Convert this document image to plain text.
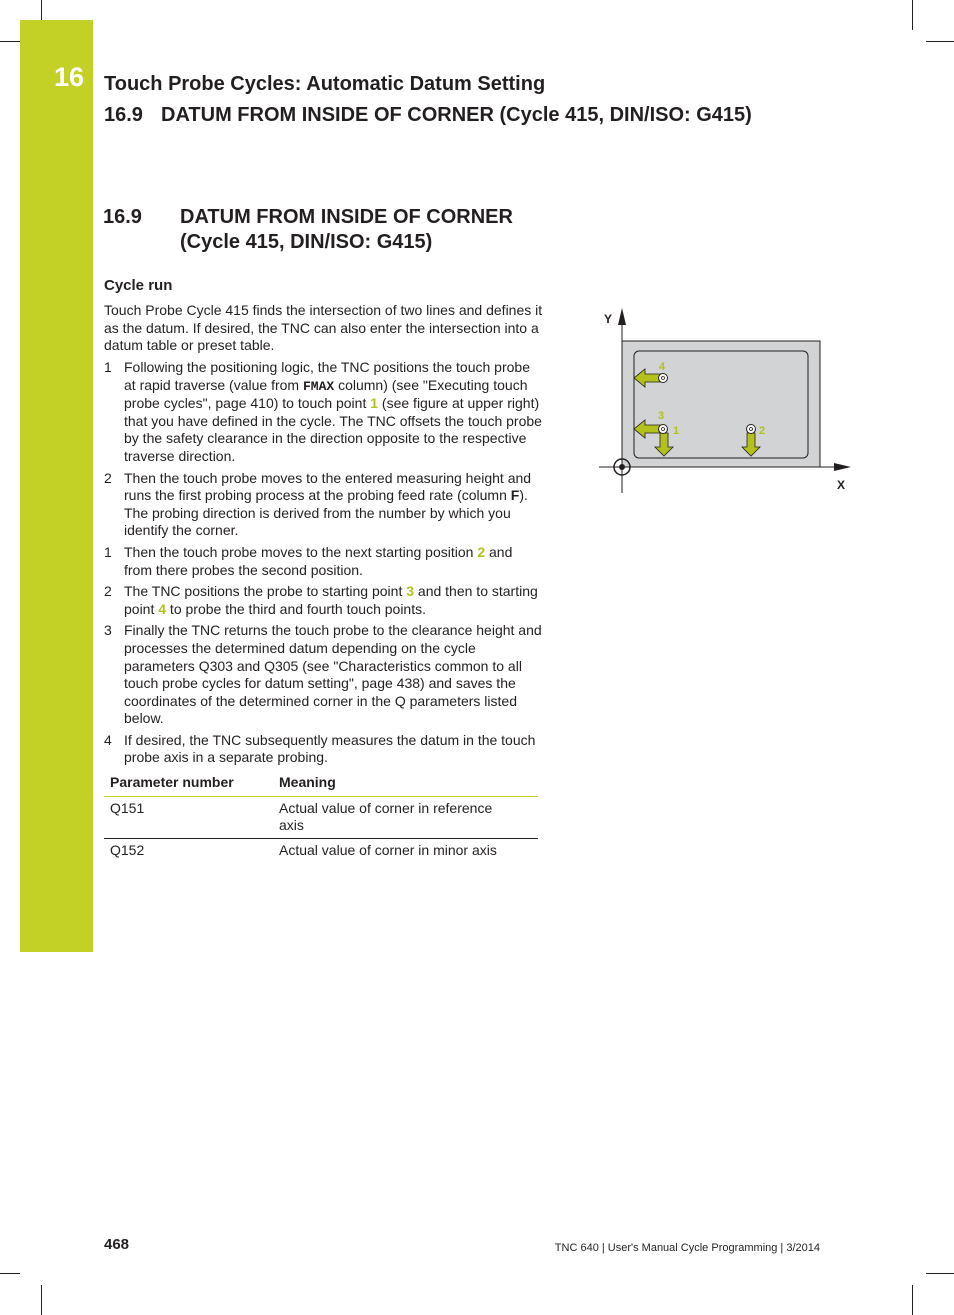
16 Touch Probe Cycles: Automatic Datum Setting
16.9 DATUM FROM INSIDE OF CORNER (Cycle 415, DIN/ISO: G415)
16.9 DATUM FROM INSIDE OF CORNER
(Cycle 415, DIN/ISO: G415)
Cycle run
Touch Probe Cycle 415 finds the intersection of two lines and defines it as the datum. If desired, the TNC can also enter the intersection into a datum table or preset table.
1 Following the positioning logic, the TNC positions the touch probe at rapid traverse (value from FMAX column) (see "Executing touch probe cycles", page 410) to touch point 1 (see figure at upper right) that you have defined in the cycle. The TNC offsets the touch probe by the safety clearance in the direction opposite to the respective traverse direction.
2 Then the touch probe moves to the entered measuring height and runs the first probing process at the probing feed rate (column F). The probing direction is derived from the number by which you identify the corner.
1 Then the touch probe moves to the next starting position 2 and from there probes the second position.
2 The TNC positions the probe to starting point 3 and then to starting point 4 to probe the third and fourth touch points.
3 Finally the TNC returns the touch probe to the clearance height and processes the determined datum depending on the cycle parameters Q303 and Q305 (see "Characteristics common to all touch probe cycles for datum setting", page 438) and saves the coordinates of the determined corner in the Q parameters listed below.
4 If desired, the TNC subsequently measures the datum in the touch probe axis in a separate probing.
Parameter number	Meaning
Q151	Actual value of corner in reference axis
Q152	Actual value of corner in minor axis
Y
X
4
3
1	2
468	TNC 640 | User's Manual Cycle Programming | 3/2014
